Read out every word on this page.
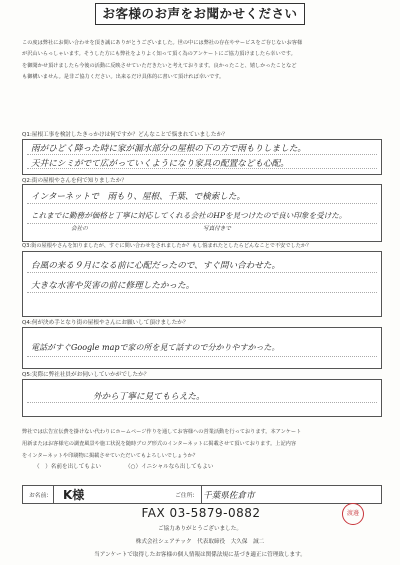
お客様のお声をお聞かせください
この度は弊社にお問い合わせを頂き誠にありがとうございました。世の中には弊社の存在やサービスをご存じないお客様
が沢山いらっしゃいます。そうした方にも弊社をよりよく知って頂く為のアンケートにご協力頂けましたら幸いです。
を御聞かせ頂けましたら今後の活動に反映させていただきたいと考えております。良かったこと、嬉しかったことなど
も御構いません。是非ご協力ください。出来るだけ具体的に書いて頂ければ幸いです。
Q1:屋根工事を検討したきっかけは何ですか？どんなことで悩まれていましたか？
雨がひどく降った時に家が漏水部分の屋根の下の方で雨もりしました。
天井にシミがでて広がっていくようになり家具の配置なども心配。
Q2:街の屋根やさんを何で知りましたか？
インターネットで　雨もり、屋根、千葉、で検索した。
これまでに勤務が価格と丁寧に対応してくれる会社のHPを見つけたので良い印象を受けた。
会社の	写真付きで
Q3:街の屋根やさんを知りましたが、すぐに問い合わせをされましたか？もし悩まれたとしたらどんなことで不安でしたか？
台風の来る９月になる前に心配だったので、すぐ問い合わせた。
大きな水害や災害の前に修理したかった。
Q4:何が決め手となり街の屋根やさんにお願いして頂けましたか？
電話がすぐGoogle mapで家の所を見て話すので分かりやすかった。
Q5:実際に弊社社員がお伺いしていかがでしたか？
外から丁寧に見てもらえた。
弊社では広告宣伝費を掛けない代わりにホームページ作りを通してお客様への営業活動を行っております。本アンケート
用新またはお客様宅の調査風景や施工状況を随時ブログ形式のインターネットに掲載させて頂いております。上記内容
をインターネットや印刷物に掲載させていただいてもよろしいでしょうか？
（　）名前を出してもよい	（○）イニシャルなら出してもよい
お名前: K様	ご住所: 千葉県佐倉市
FAX 03-5879-0882	渡邊
ご協力ありがとうございました。
株式会社シェアテック　代表取締役　大久保　誠二
当アンケートで取得したお客様の個人情報は関係法規に基づき適正に管理致します。
